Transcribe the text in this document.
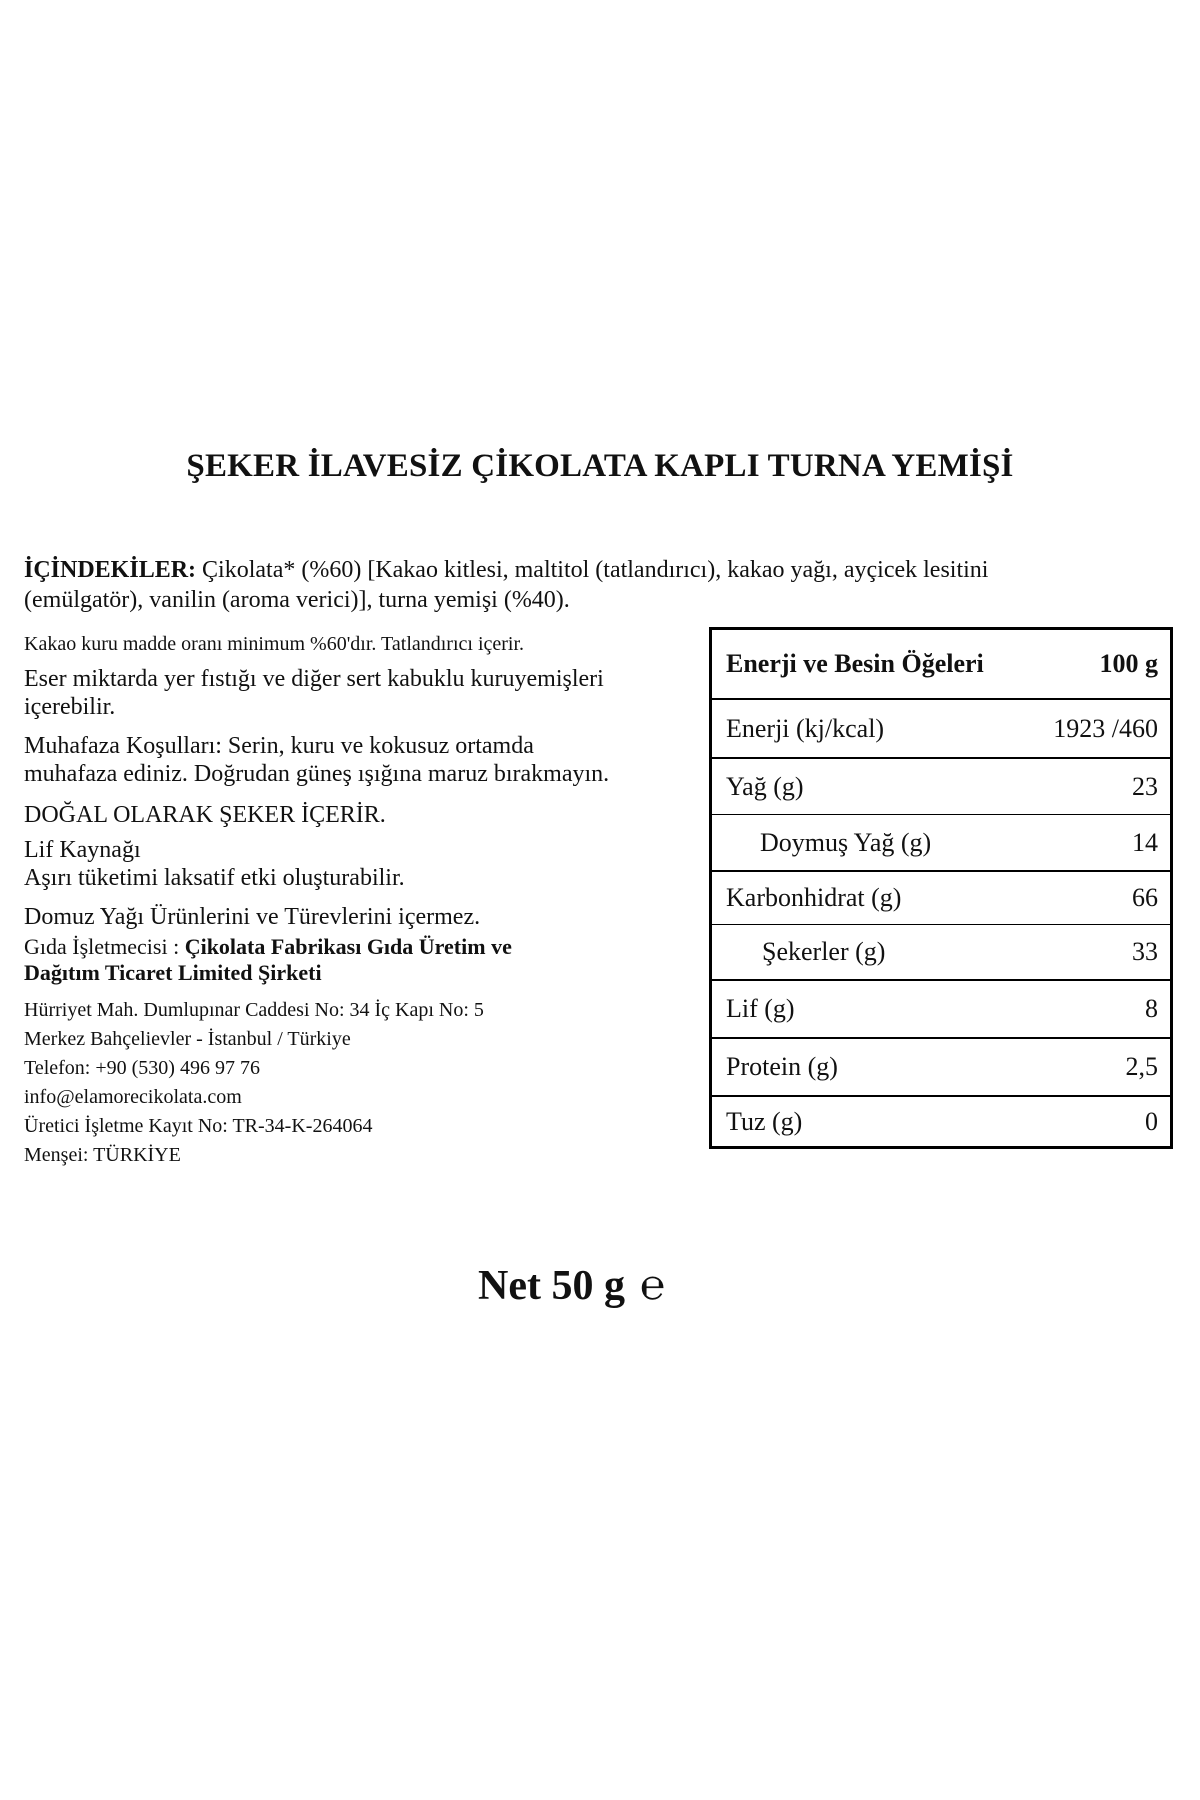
ŞEKER İLAVESİZ ÇİKOLATA KAPLI TURNA YEMİŞİ
İÇİNDEKİLER: Çikolata* (%60) [Kakao kitlesi, maltitol (tatlandırıcı), kakao yağı, ayçicek lesitini
(emülgatör), vanilin (aroma verici)], turna yemişi (%40).
Kakao kuru madde oranı minimum %60'dır. Tatlandırıcı içerir.
Eser miktarda yer fıstığı ve diğer sert kabuklu kuruyemişleri
içerebilir.
Muhafaza Koşulları: Serin, kuru ve kokusuz ortamda
muhafaza ediniz. Doğrudan güneş ışığına maruz bırakmayın.
DOĞAL OLARAK ŞEKER İÇERİR.
Lif Kaynağı
Aşırı tüketimi laksatif etki oluşturabilir.
Domuz Yağı Ürünlerini ve Türevlerini içermez.
Gıda İşletmecisi : Çikolata Fabrikası Gıda Üretim ve
Dağıtım Ticaret Limited Şirketi
Hürriyet Mah. Dumlupınar Caddesi No: 34 İç Kapı No: 5
Merkez Bahçelievler - İstanbul / Türkiye
Telefon: +90 (530) 496 97 76
info@elamorecikolata.com
Üretici İşletme Kayıt No: TR-34-K-264064
Menşei: TÜRKİYE
Enerji ve Besin Öğeleri	100 g
Enerji (kj/kcal)	1923 /460
Yağ (g)	23
Doymuş Yağ (g)	14
Karbonhidrat (g)	66
Şekerler (g)	33
Lif (g)	8
Protein (g)	2,5
Tuz (g)	0
Net 50 g ℮
